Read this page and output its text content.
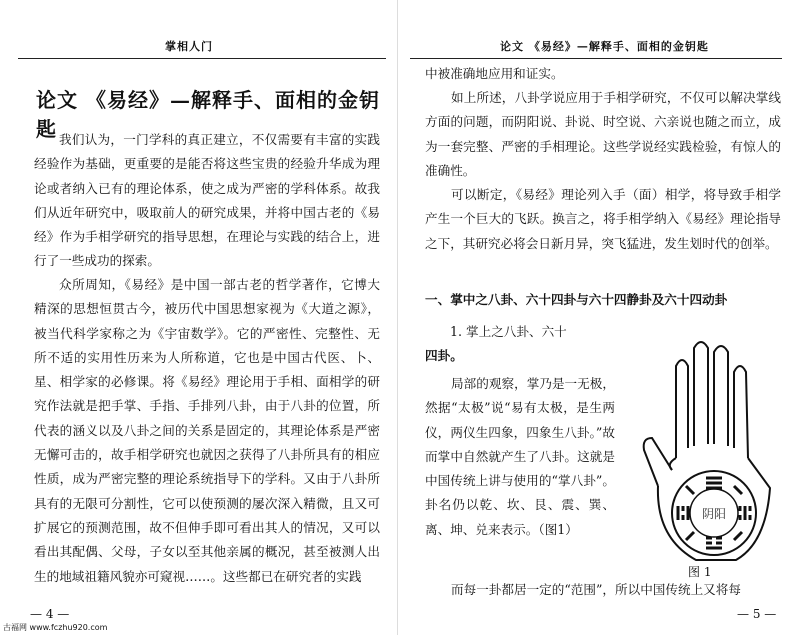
掌相人门
论文 《易经》—解释手、面相的金钥匙 我们认为，一门学科的真正建立，不仅需要有丰富的实践经验作为基础，更重要的是能否将这些宝贵的经验升华成为理论或者纳入已有的理论体系，使之成为严密的学科体系。故我们从近年研究中，吸取前人的研究成果，并将中国古老的《易经》作为手相学研究的指导思想，在理论与实践的结合上，进行了一些成功的探索。

众所周知，《易经》是中国一部古老的哲学著作，它博大精深的思想恒贯古今，被历代中国思想家视为《大道之源》，被当代科学家称之为《宇宙数学》。它的严密性、完整性、无所不适的实用性历来为人所称道，它也是中国古代医、卜、星、相学家的必修课。将《易经》理论用于手相、面相学的研究作法就是把手掌、手指、手排列八卦，由于八卦的位置，所代表的涵义以及八卦之间的关系是固定的，其理论体系是严密无懈可击的，故手相学研究也就因之获得了八卦所具有的相应性质，成为严密完整的理论系统指导下的学科。又由于八卦所具有的无限可分割性，它可以使预测的屡次深入精微，且又可扩展它的预测范围，故不但伸手即可看出其人的情况，又可以看出其配偶、父母，子女以至其他亲属的概况，甚至被测人出生的地域祖籍风貌亦可窥视……。这些都已在研究者的实践

— 4 —
古福网 www.fczhu920.com
论文 《易经》—解释手、面相的金钥匙

中被准确地应用和证实。

如上所述，八卦学说应用于手相学研究，不仅可以解决掌线方面的问题，而阴阳说、卦说、时空说、六亲说也随之而立，成为一套完整、严密的手相理论。这些学说经实践检验，有惊人的准确性。

可以断定，《易经》理论列入手（面）相学，将导致手相学产生一个巨大的飞跃。换言之，将手相学纳入《易经》理论指导之下，其研究必将会日新月异，突飞猛进，发生划时代的创举。

一、掌中之八卦、六十四卦与六十四静卦及六十四动卦
1. 掌上之八卦、六十
四卦。

局部的观察，掌乃是一无极，然据“太极”说“易有太极，是生两仪，两仪生四象，四象生八卦。”故而掌中自然就产生了八卦。这就是中国传统上讲与使用的“掌八卦”。卦名仍以乾、坎、艮、震、巽、离、坤、兑来表示。（图1）

而每一卦都居一定的“范围”，所以中国传统上又将每

阴阳
图 1
— 5 —
